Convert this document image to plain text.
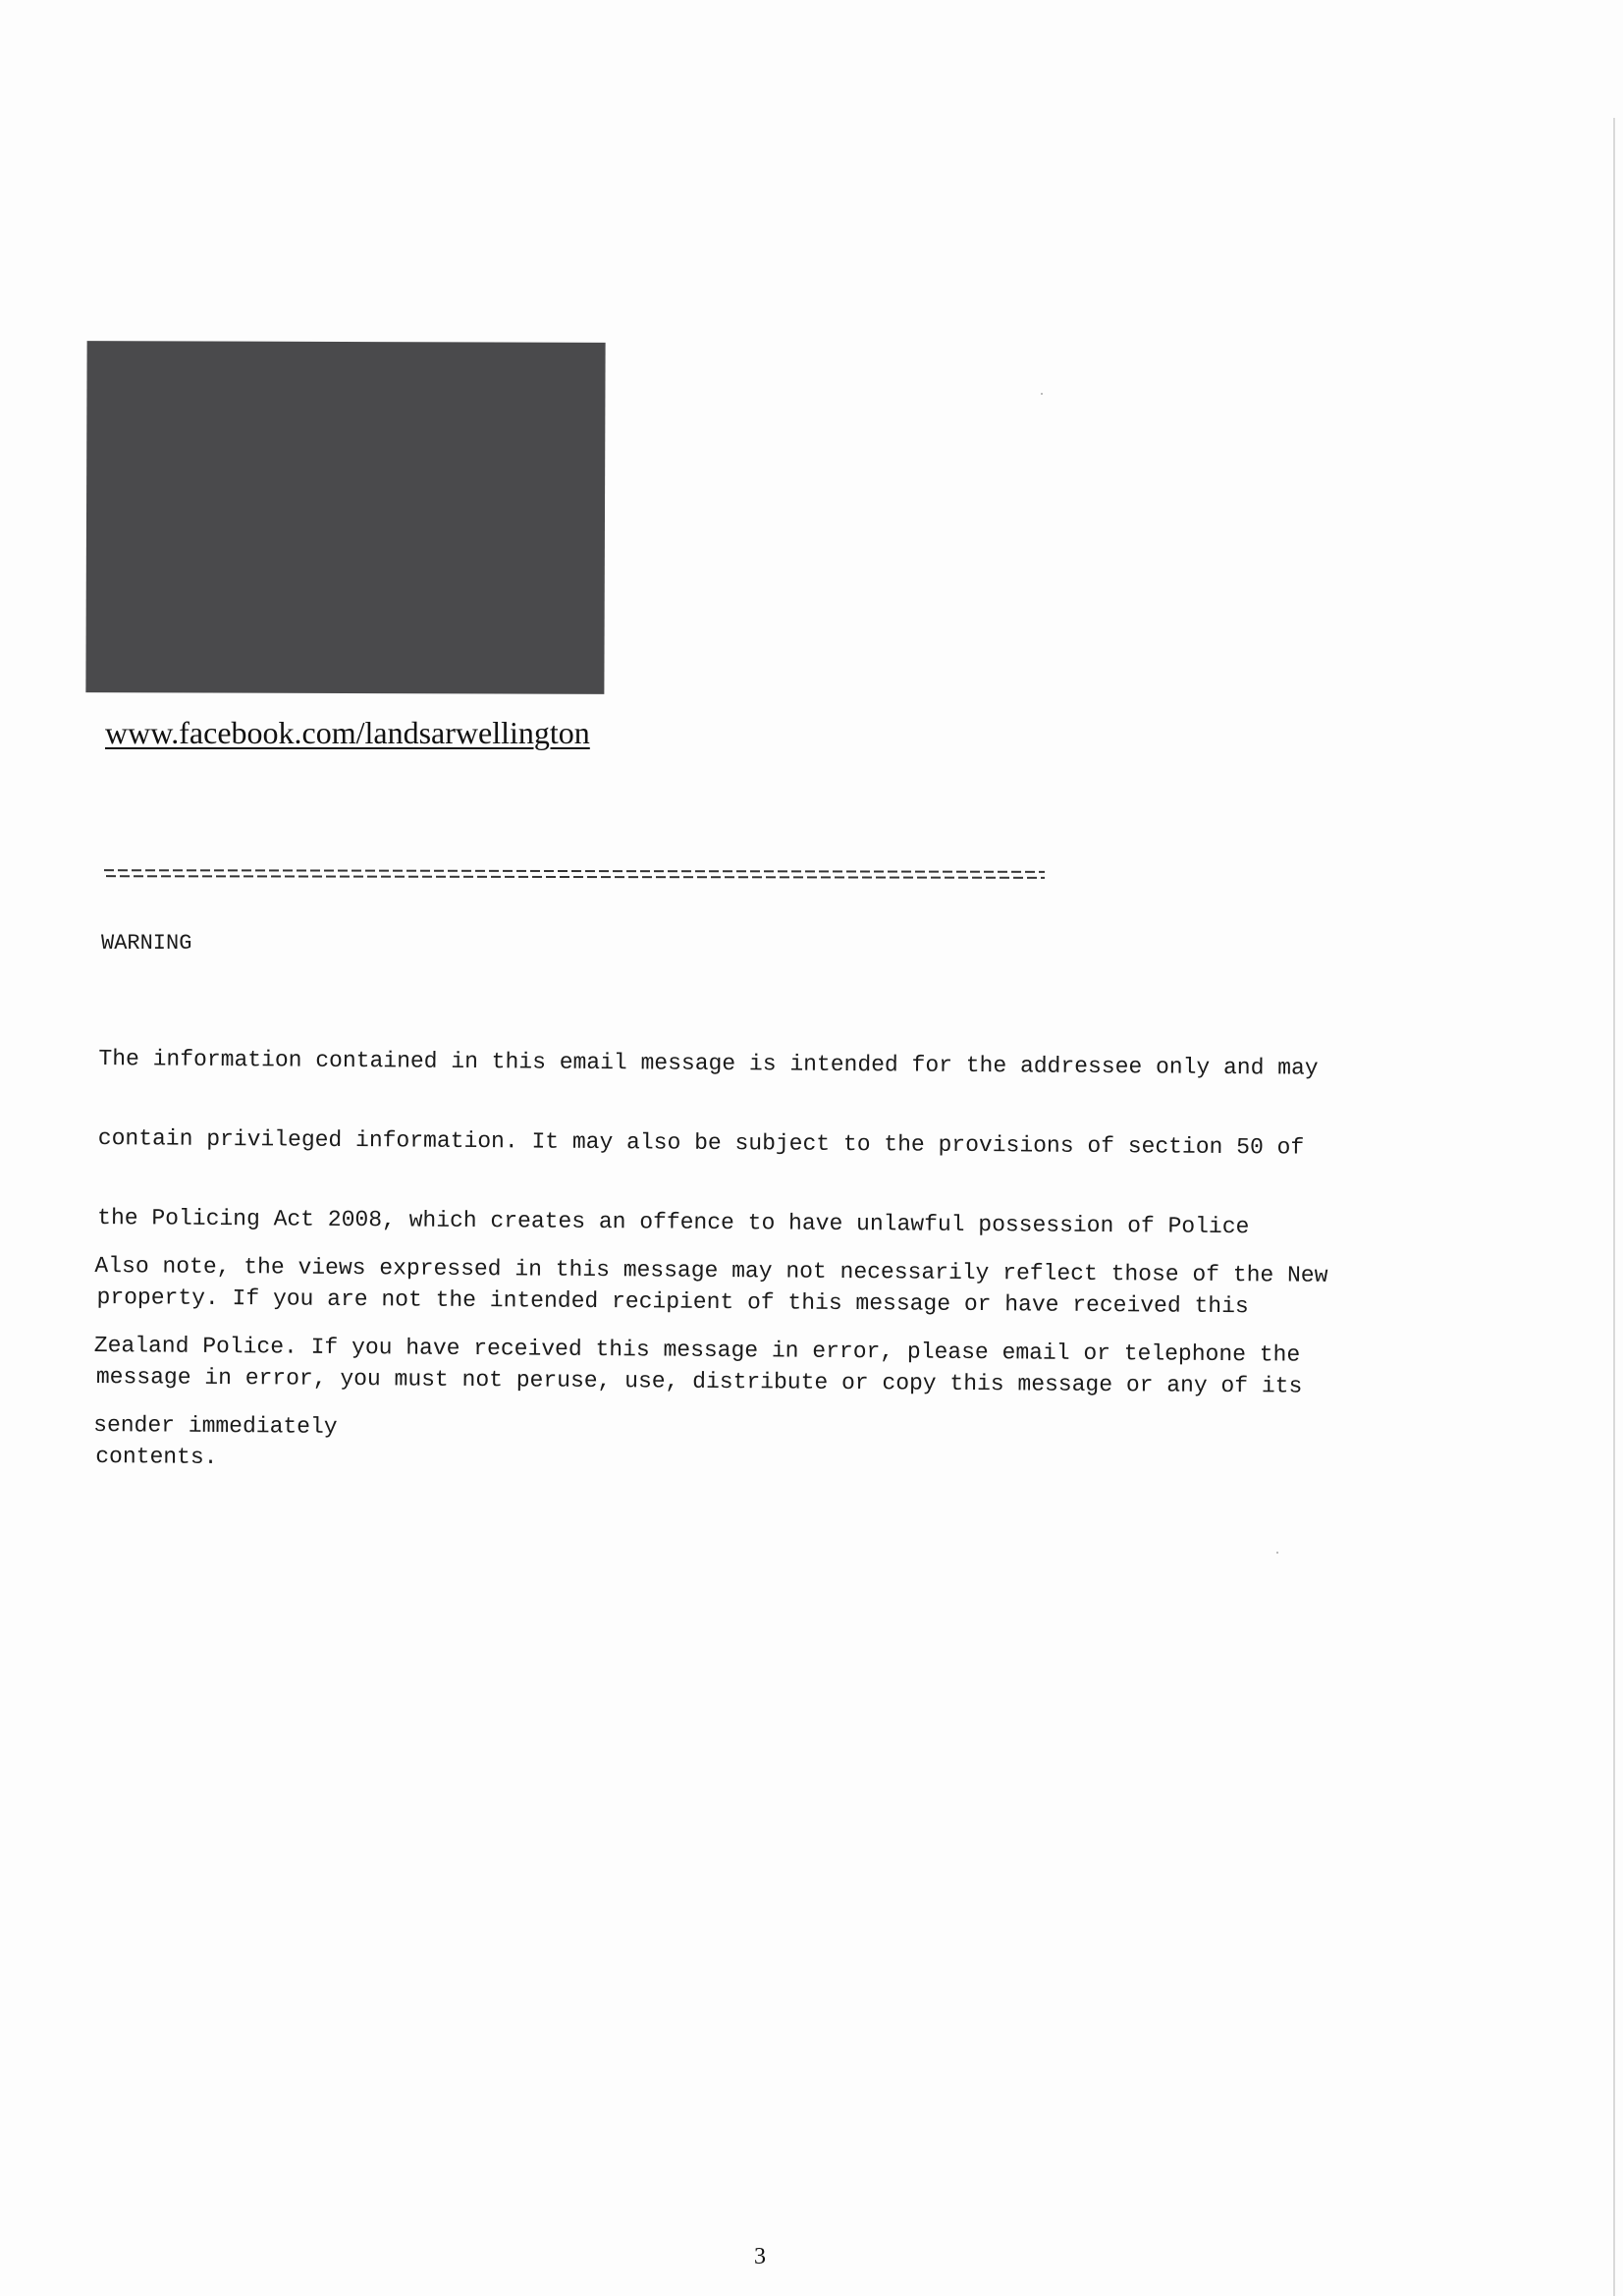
www.facebook.com/landsarwellington
WARNING

The information contained in this email message is intended for the addressee only and may

contain privileged information. It may also be subject to the provisions of section 50 of

the Policing Act 2008, which creates an offence to have unlawful possession of Police

property. If you are not the intended recipient of this message or have received this

message in error, you must not peruse, use, distribute or copy this message or any of its

contents.

Also note, the views expressed in this message may not necessarily reflect those of the New

Zealand Police. If you have received this message in error, please email or telephone the

sender immediately

3
